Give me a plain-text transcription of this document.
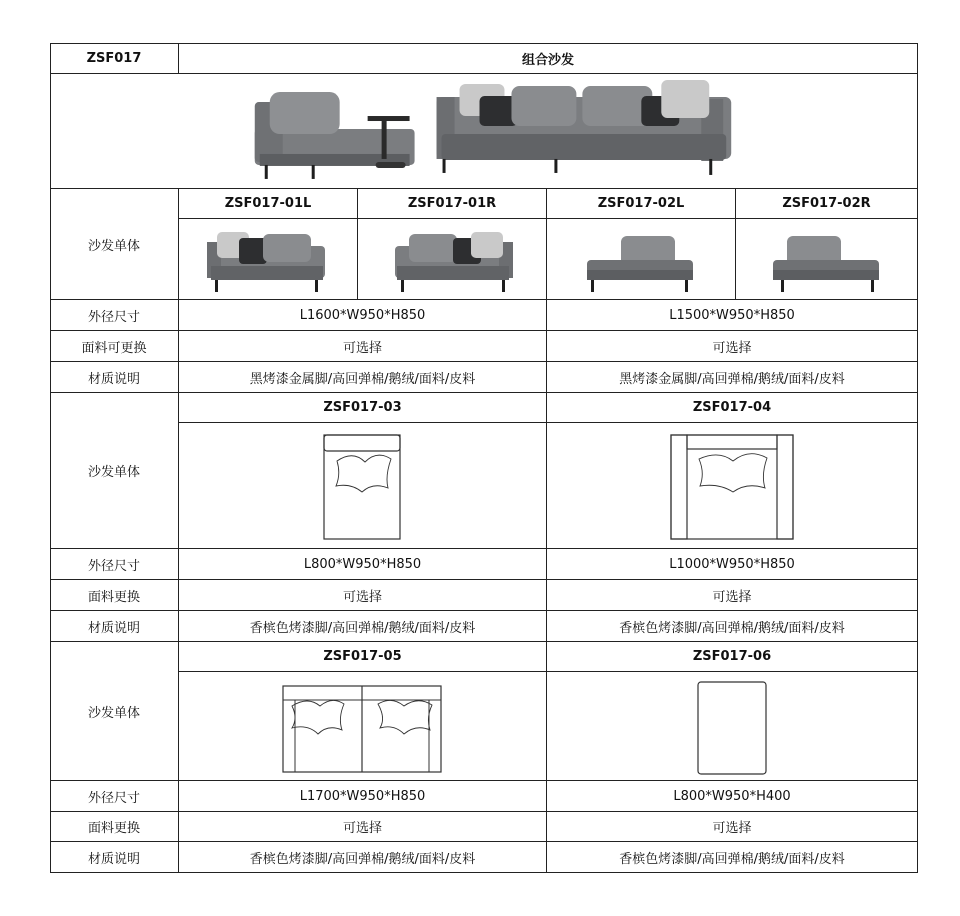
ZSF017	组合沙发
沙发单体
ZSF017-01L	ZSF017-01R	ZSF017-02L	ZSF017-02R
外径尺寸	L1600*W950*H850	L1500*W950*H850
面料可更换	可选择	可选择
材质说明	黑烤漆金属脚/高回弹棉/鹅绒/面料/皮料	黑烤漆金属脚/高回弹棉/鹅绒/面料/皮料
沙发单体
ZSF017-03	ZSF017-04
外径尺寸	L800*W950*H850	L1000*W950*H850
面料更换	可选择	可选择
材质说明	香槟色烤漆脚/高回弹棉/鹅绒/面料/皮料	香槟色烤漆脚/高回弹棉/鹅绒/面料/皮料
沙发单体
ZSF017-05	ZSF017-06
外径尺寸	L1700*W950*H850	L800*W950*H400
面料更换	可选择	可选择
材质说明	香槟色烤漆脚/高回弹棉/鹅绒/面料/皮料	香槟色烤漆脚/高回弹棉/鹅绒/面料/皮料
